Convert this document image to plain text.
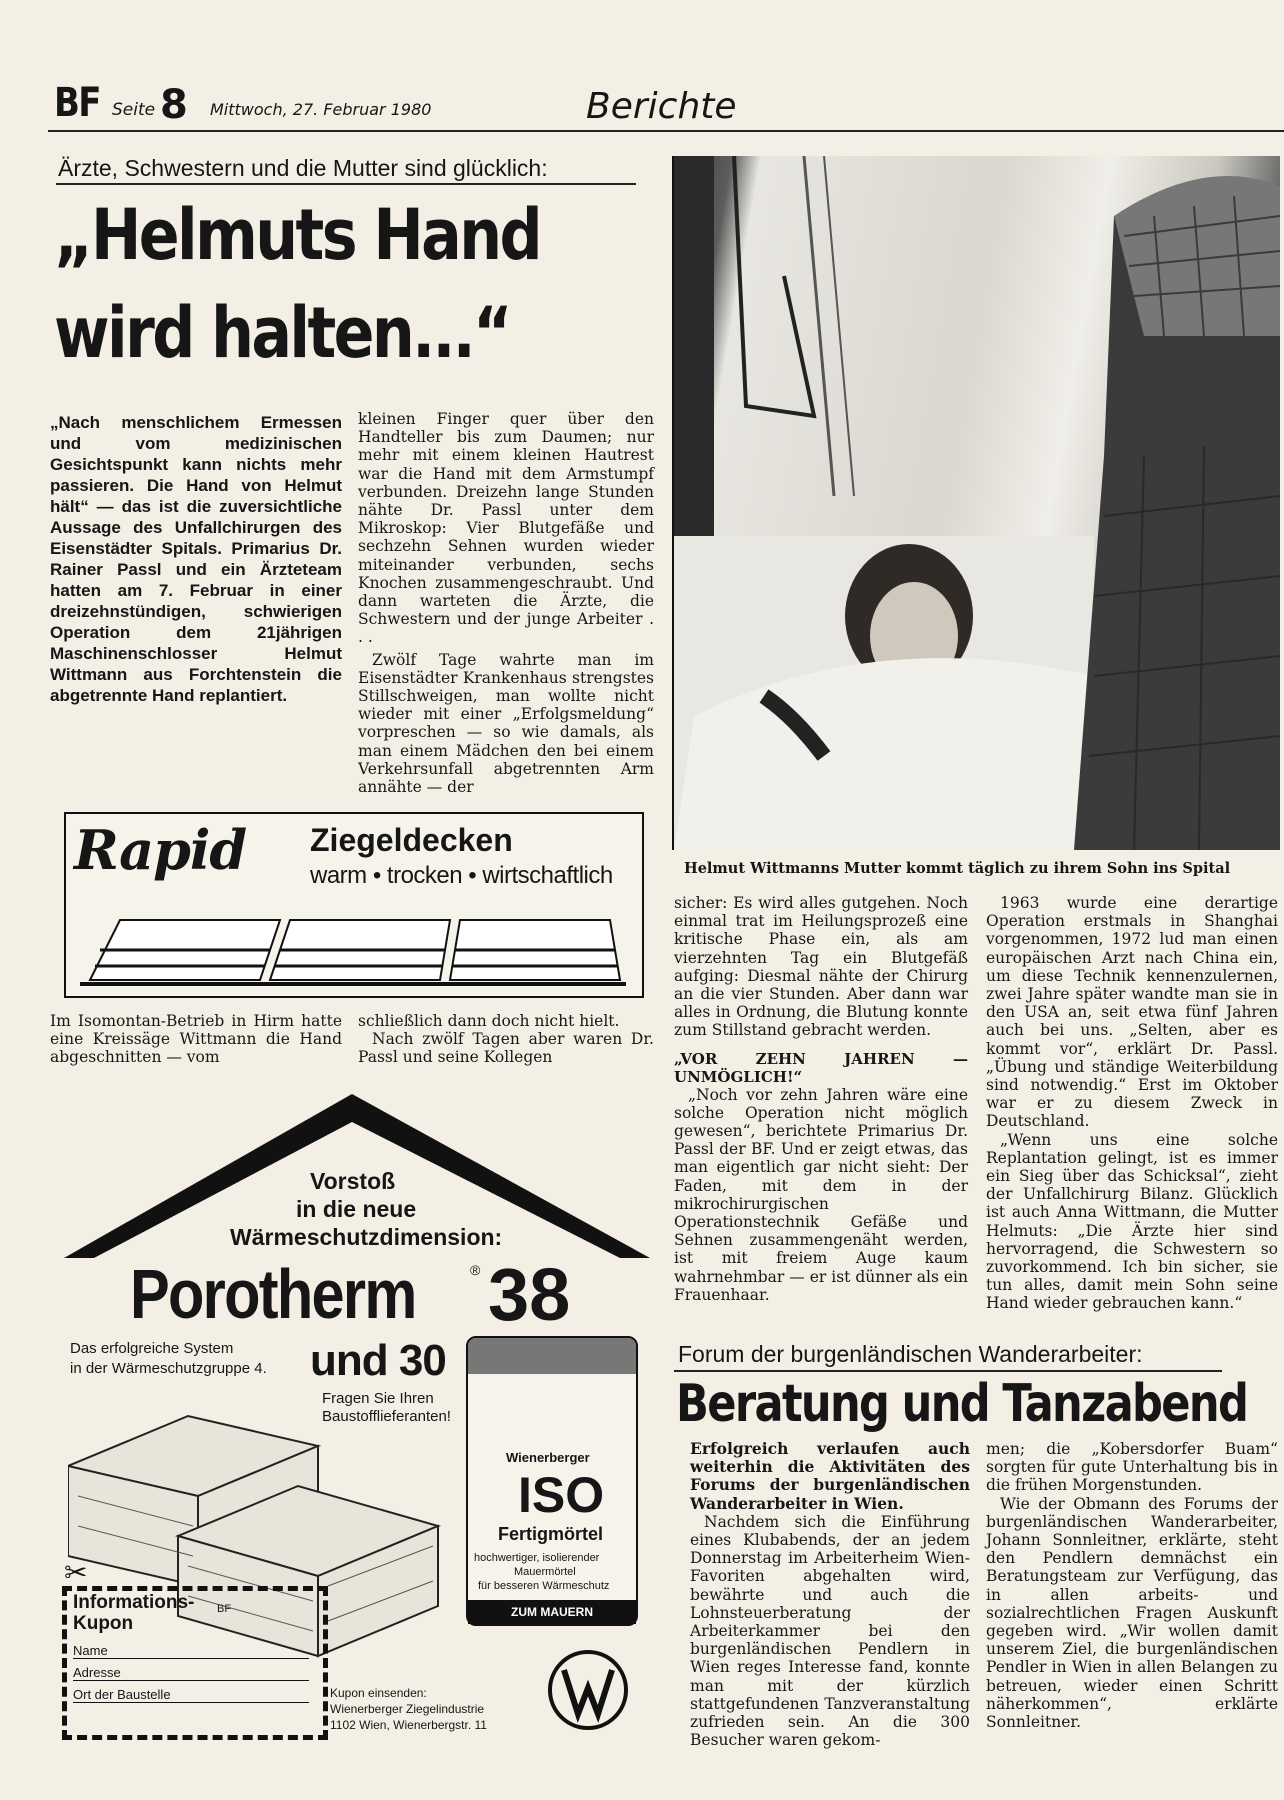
BF Seite 8 Mittwoch, 27. Februar 1980	Berichte
Ärzte, Schwestern und die Mutter sind glücklich:
„Helmuts Hand
wird halten...“
„Nach menschlichem Ermessen und vom medizinischen Gesichtspunkt kann nichts mehr passieren. Die Hand von Helmut hält“ — das ist die zuversichtliche Aussage des Unfallchirurgen des Eisenstädter Spitals. Primarius Dr. Rainer Passl und ein Ärzteteam hatten am 7. Februar in einer dreizehnstündigen, schwierigen Operation dem 21jährigen Maschinenschlosser Helmut Wittmann aus Forchtenstein die abgetrennte Hand replantiert.

kleinen Finger quer über den Handteller bis zum Daumen; nur mehr mit einem kleinen Hautrest war die Hand mit dem Armstumpf verbunden. Dreizehn lange Stunden nähte Dr. Passl unter dem Mikroskop: Vier Blutgefäße und sechzehn Sehnen wurden wieder miteinander verbunden, sechs Knochen zusammengeschraubt. Und dann warteten die Ärzte, die Schwestern und der junge Arbeiter . . .

Zwölf Tage wahrte man im Eisenstädter Krankenhaus strengstes Stillschweigen, man wollte nicht wieder mit einer „Erfolgsmeldung“ vorpreschen — so wie damals, als man einem Mädchen den bei einem Verkehrsunfall abgetrennten Arm annähte — der

Helmut Wittmanns Mutter kommt täglich zu ihrem Sohn ins Spital
Rapid Ziegeldecken
warm • trocken • wirtschaftlich

Im Isomontan-Betrieb in Hirm hatte eine Kreissäge Wittmann die Hand abgeschnitten — vom

schließlich dann doch nicht hielt.

Nach zwölf Tagen aber waren Dr. Passl und seine Kollegen

sicher: Es wird alles gutgehen. Noch einmal trat im Heilungsprozeß eine kritische Phase ein, als am vierzehnten Tag ein Blutgefäß aufging: Diesmal nähte der Chirurg an die vier Stunden. Aber dann war alles in Ordnung, die Blutung konnte zum Stillstand gebracht werden.

„VOR ZEHN JAHREN — UNMÖGLICH!“

„Noch vor zehn Jahren wäre eine solche Operation nicht möglich gewesen“, berichtete Primarius Dr. Passl der BF. Und er zeigt etwas, das man eigentlich gar nicht sieht: Der Faden, mit dem in der mikrochirurgischen Operationstechnik Gefäße und Sehnen zusammengenäht werden, ist mit freiem Auge kaum wahrnehmbar — er ist dünner als ein Frauenhaar.

1963 wurde eine derartige Operation erstmals in Shanghai vorgenommen, 1972 lud man einen europäischen Arzt nach China ein, um diese Technik kennenzulernen, zwei Jahre später wandte man sie in den USA an, seit etwa fünf Jahren auch bei uns. „Selten, aber es kommt vor“, erklärt Dr. Passl. „Übung und ständige Weiterbildung sind notwendig.“ Erst im Oktober war er zu diesem Zweck in Deutschland.

„Wenn uns eine solche Replantation gelingt, ist es immer ein Sieg über das Schicksal“, zieht der Unfallchirurg Bilanz. Glücklich ist auch Anna Wittmann, die Mutter Helmuts: „Die Ärzte hier sind hervorragend, die Schwestern so zuvorkommend. Ich bin sicher, sie tun alles, damit mein Sohn seine Hand wieder gebrauchen kann.“

Vorstoß
in die neue
Wärmeschutzdimension:
Porotherm	® 38
und 30
Das erfolgreiche System
in der Wärmeschutzgruppe 4.
Fragen Sie Ihren
Baustofflieferanten!
Wienerberger
ISO
Fertigmörtel
hochwertiger, isolierender
Mauermörtel
für besseren Wärmeschutz
ZUM MAUERN
✂
Informations-
Kupon
BF
Name
Adresse
Ort der Baustelle	Kupon einsenden:
Wienerberger Ziegelindustrie
1102 Wien, Wienerbergstr. 11
Forum der burgenländischen Wanderarbeiter:
Beratung und Tanzabend

Erfolgreich verlaufen auch weiterhin die Aktivitäten des Forums der burgenländischen Wanderarbeiter in Wien.

Nachdem sich die Einführung eines Klubabends, der an jedem Donnerstag im Arbeiterheim Wien-Favoriten abgehalten wird, bewährte und auch die Lohnsteuerberatung der Arbeiterkammer bei den burgenländischen Pendlern in Wien reges Interesse fand, konnte man mit der kürzlich stattgefundenen Tanzveranstaltung zufrieden sein. An die 300 Besucher waren gekom-

men; die „Kobersdorfer Buam“ sorgten für gute Unterhaltung bis in die frühen Morgenstunden.

Wie der Obmann des Forums der burgenländischen Wanderarbeiter, Johann Sonnleitner, erklärte, steht den Pendlern demnächst ein Beratungsteam zur Verfügung, das in allen arbeits- und sozialrechtlichen Fragen Auskunft gegeben wird. „Wir wollen damit unserem Ziel, die burgenländischen Pendler in Wien in allen Belangen zu betreuen, wieder einen Schritt näherkommen“, erklärte Sonnleitner.
